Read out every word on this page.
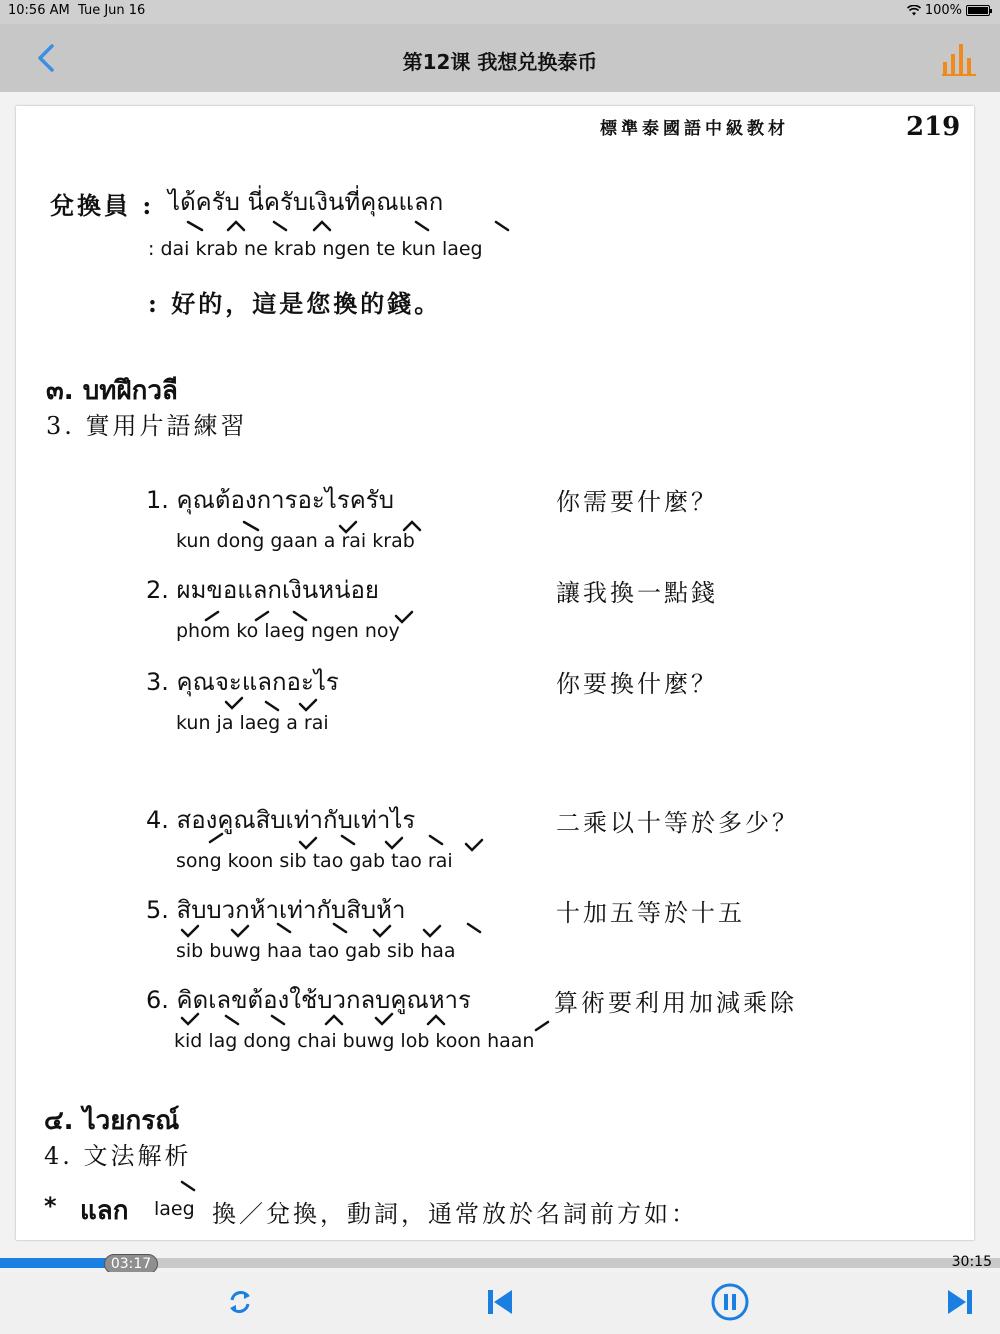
10:56 AM Tue Jun 16	100%
第12课 我想兑换泰币
標準泰國語中級教材	219
兌換員 : ได้ครับ นี่ครับเงินที่คุณแลก
: dai krab ne krab ngen te kun laeg
: 好的，這是您換的錢。
๓. บทฝึกวลี
3. 實用片語練習
1. คุณต้องการอะไรครับ
kun dong gaan a rai krab
你需要什麼？
2. ผมขอแลกเงินหน่อย
phom ko laeg ngen noy
讓我換一點錢
3. คุณจะแลกอะไร
kun ja laeg a rai
你要換什麼？
4. สองคูณสิบเท่ากับเท่าไร
song koon sib tao gab tao rai
二乘以十等於多少？
5. สิบบวกห้าเท่ากับสิบห้า
sib buwg haa tao gab sib haa
十加五等於十五
6. คิดเลขต้องใช้บวกลบคูณหาร
kid lag dong chai buwg lob koon haan
算術要利用加減乘除
๔. ไวยกรณ์
4. 文法解析
* แลก laeg 換／兌換，動詞，通常放於名詞前方如：
03:17	30:15
